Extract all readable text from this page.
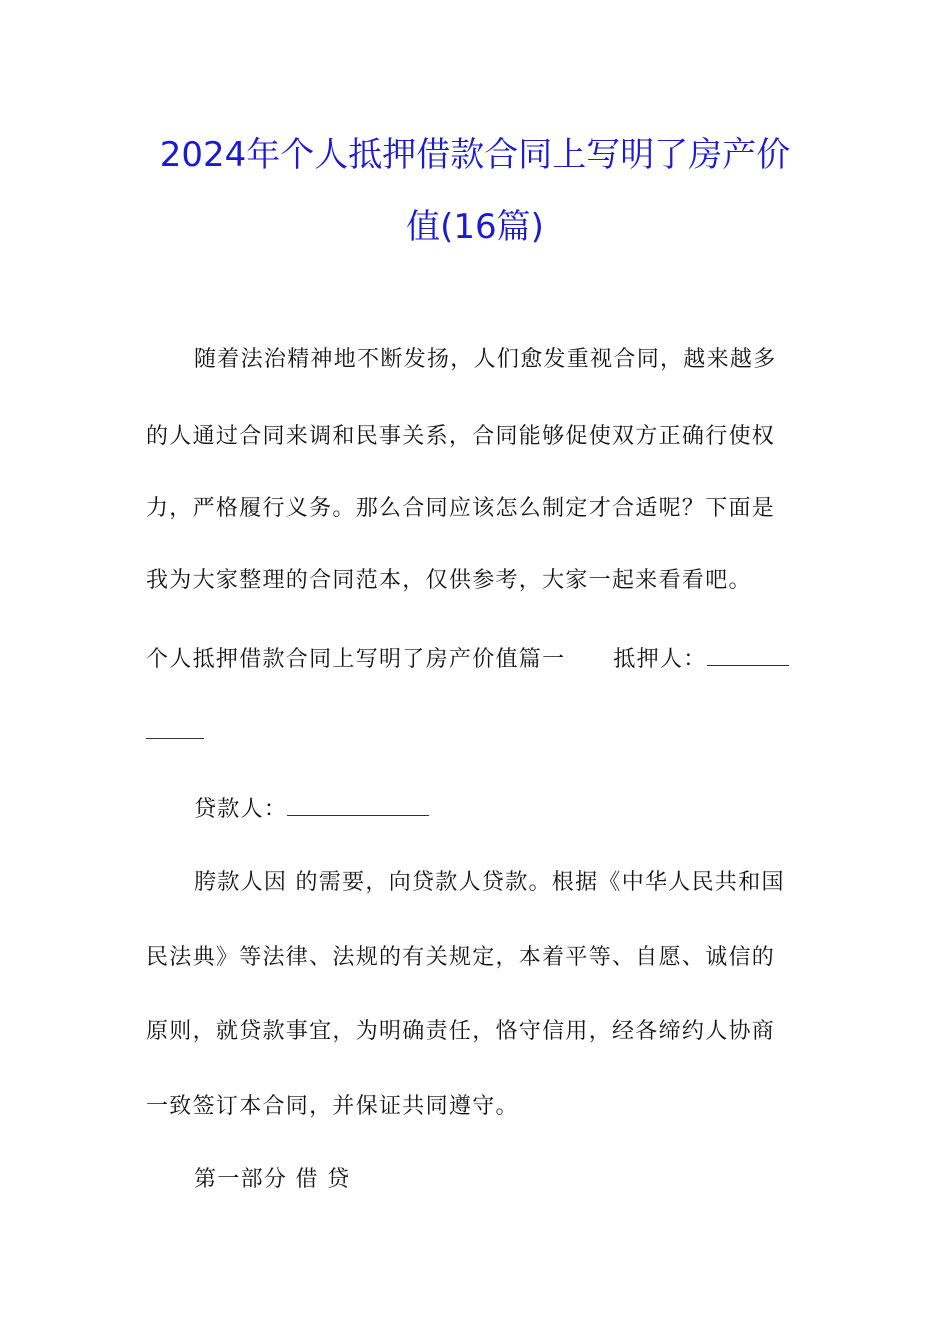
2024年个人抵押借款合同上写明了房产价
值(16篇)
随着法治精神地不断发扬，人们愈发重视合同，越来越多
的人通过合同来调和民事关系，合同能够促使双方正确行使权
力，严格履行义务。那么合同应该怎么制定才合适呢？下面是
我为大家整理的合同范本，仅供参考，大家一起来看看吧。
个人抵押借款合同上写明了房产价值篇一 抵押人：
贷款人：
胯款人因 的需要，向贷款人贷款。根据《中华人民共和国
民法典》等法律、法规的有关规定，本着平等、自愿、诚信的
原则，就贷款事宜，为明确责任，恪守信用，经各缔约人协商
一致签订本合同，并保证共同遵守。
第一部分 借 贷
